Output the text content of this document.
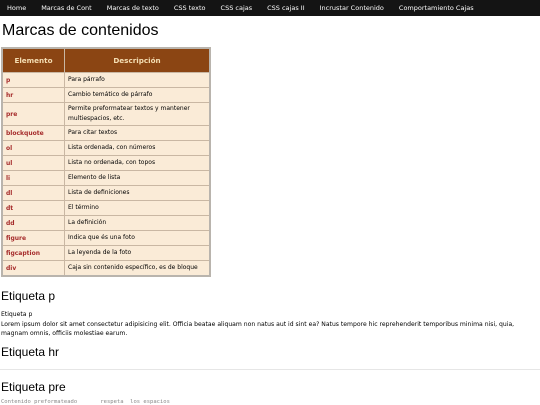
Home	Marcas de Cont	Marcas de texto	CSS texto	CSS cajas	CSS cajas II	Incrustar Contenido	Comportamiento Cajas
Marcas de contenidos
Elemento	Descripción
p	Para párrafo
hr	Cambio temático de párrafo
pre	Permite preformatear textos y mantener multiespacios, etc.
blockquote	Para citar textos
ol	Lista ordenada, con números
ul	Lista no ordenada, con topos
li	Elemento de lista
dl	Lista de definiciones
dt	El término
dd	La definición
figure	Indica que és una foto
figcaption	La leyenda de la foto
div	Caja sin contenido específico, es de bloque
Etiqueta p
Etiqueta p
Lorem ipsum dolor sit amet consectetur adipisicing elit. Officia beatae aliquam non natus aut id sint ea? Natus tempore hic reprehenderit temporibus minima nisi, quia, magnam omnis, officiis molestiae earum.
Etiqueta hr
Etiqueta pre
Contenido preformateado       respeta  los espacios
